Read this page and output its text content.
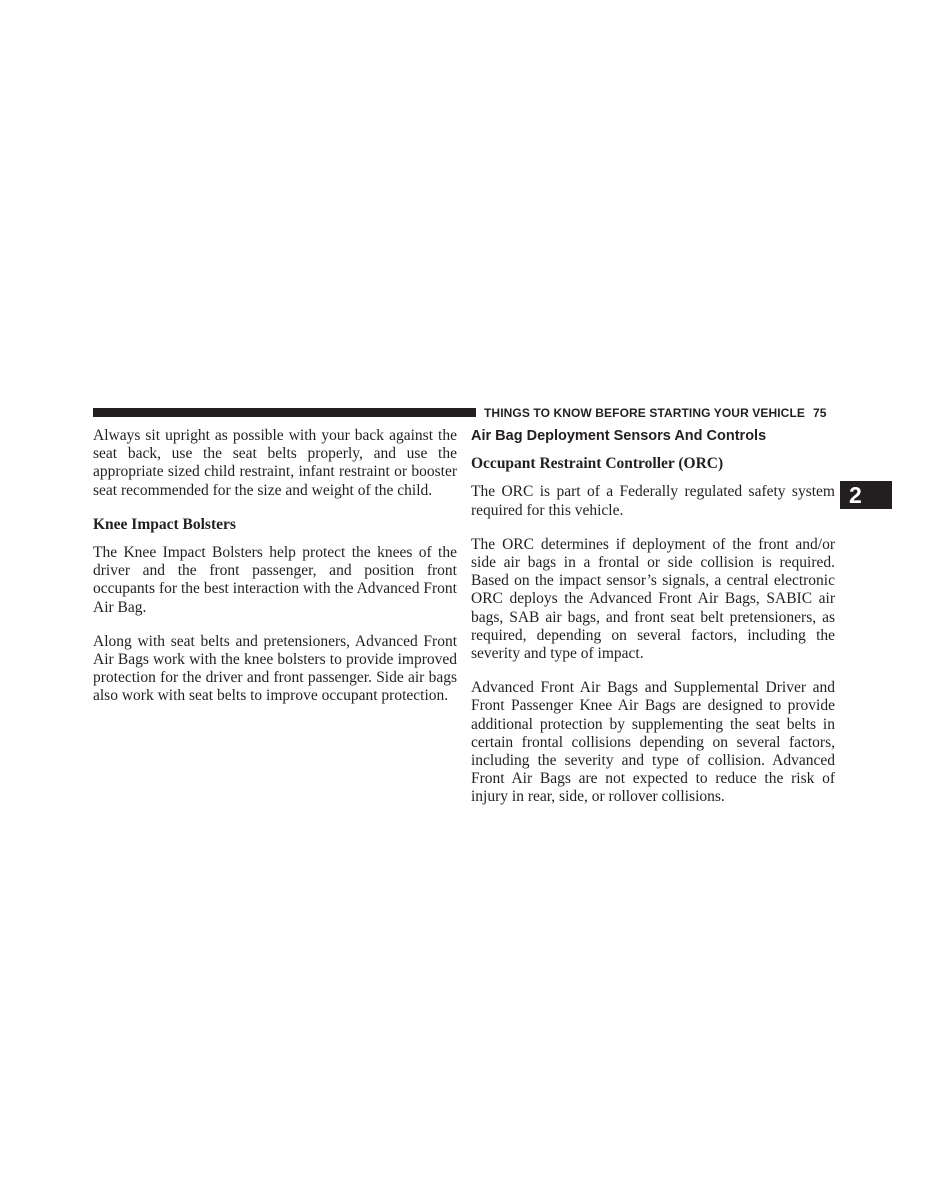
THINGS TO KNOW BEFORE STARTING YOUR VEHICLE 75
2

Always sit upright as possible with your back against the seat back, use the seat belts properly, and use the appropriate sized child restraint, infant restraint or booster seat recommended for the size and weight of the child.

Knee Impact Bolsters

The Knee Impact Bolsters help protect the knees of the driver and the front passenger, and position front occupants for the best interaction with the Advanced Front Air Bag.

Along with seat belts and pretensioners, Advanced Front Air Bags work with the knee bolsters to provide improved protection for the driver and front passenger. Side air bags also work with seat belts to improve occupant protection.

Air Bag Deployment Sensors And Controls
Occupant Restraint Controller (ORC)

The ORC is part of a Federally regulated safety system required for this vehicle.

The ORC determines if deployment of the front and/or side air bags in a frontal or side collision is required. Based on the impact sensor’s signals, a central electronic ORC deploys the Advanced Front Air Bags, SABIC air bags, SAB air bags, and front seat belt pretensioners, as required, depending on several factors, including the severity and type of impact.

Advanced Front Air Bags and Supplemental Driver and Front Passenger Knee Air Bags are designed to provide additional protection by supplementing the seat belts in certain frontal collisions depending on several factors, including the severity and type of collision. Advanced Front Air Bags are not expected to reduce the risk of injury in rear, side, or rollover collisions.
